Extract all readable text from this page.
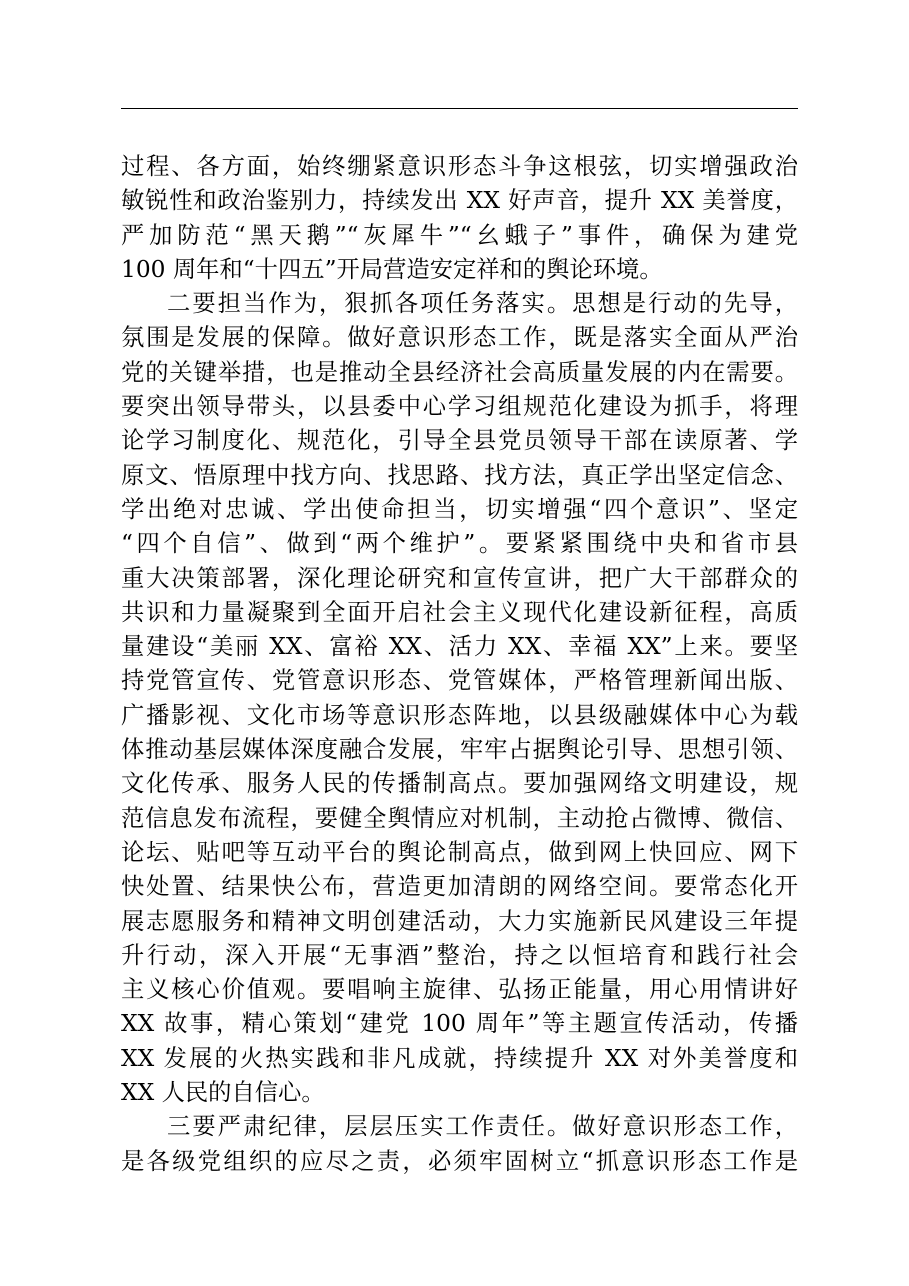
过程、各方面，始终绷紧意识形态斗争这根弦，切实增强政治
敏锐性和政治鉴别力，持续发出 XX 好声音，提升 XX 美誉度，
严加防范“黑天鹅”“灰犀牛”“幺蛾子”事件，确保为建党
100 周年和“十四五”开局营造安定祥和的舆论环境。
二要担当作为，狠抓各项任务落实。思想是行动的先导，
氛围是发展的保障。做好意识形态工作，既是落实全面从严治
党的关键举措，也是推动全县经济社会高质量发展的内在需要。
要突出领导带头，以县委中心学习组规范化建设为抓手，将理
论学习制度化、规范化，引导全县党员领导干部在读原著、学
原文、悟原理中找方向、找思路、找方法，真正学出坚定信念、
学出绝对忠诚、学出使命担当，切实增强“四个意识”、坚定
“四个自信”、做到“两个维护”。要紧紧围绕中央和省市县
重大决策部署，深化理论研究和宣传宣讲，把广大干部群众的
共识和力量凝聚到全面开启社会主义现代化建设新征程，高质
量建设“美丽 XX、富裕 XX、活力 XX、幸福 XX”上来。要坚
持党管宣传、党管意识形态、党管媒体，严格管理新闻出版、
广播影视、文化市场等意识形态阵地，以县级融媒体中心为载
体推动基层媒体深度融合发展，牢牢占据舆论引导、思想引领、
文化传承、服务人民的传播制高点。要加强网络文明建设，规
范信息发布流程，要健全舆情应对机制，主动抢占微博、微信、
论坛、贴吧等互动平台的舆论制高点，做到网上快回应、网下
快处置、结果快公布，营造更加清朗的网络空间。要常态化开
展志愿服务和精神文明创建活动，大力实施新民风建设三年提
升行动，深入开展“无事酒”整治，持之以恒培育和践行社会
主义核心价值观。要唱响主旋律、弘扬正能量，用心用情讲好
XX 故事，精心策划“建党 100 周年”等主题宣传活动，传播
XX 发展的火热实践和非凡成就，持续提升 XX 对外美誉度和
XX 人民的自信心。
三要严肃纪律，层层压实工作责任。做好意识形态工作，
是各级党组织的应尽之责，必须牢固树立“抓意识形态工作是
